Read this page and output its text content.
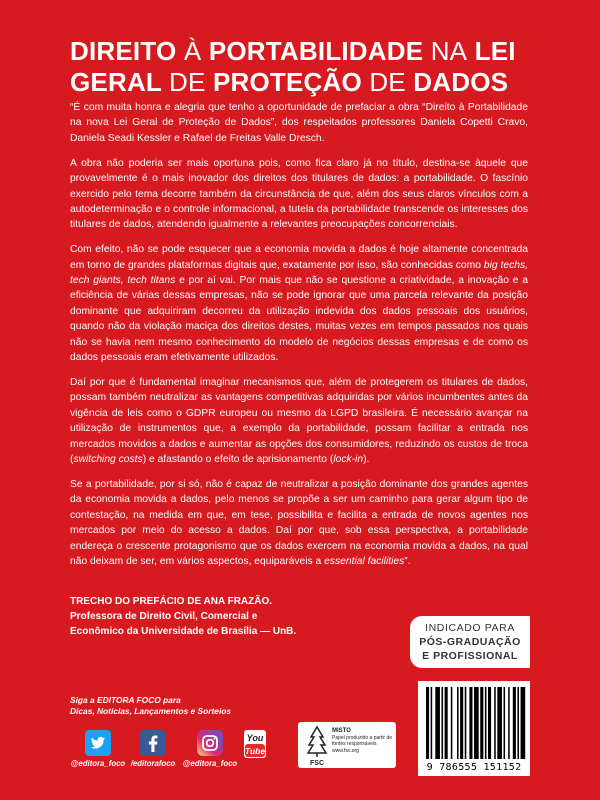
DIREITO À PORTABILIDADE NA LEI
GERAL DE PROTEÇÃO DE DADOS

“É com muita honra e alegria que tenho a oportunidade de prefaciar a obra “Direito à Portabilidade na nova Lei Geral de Proteção de Dados”, dos respeitados professores Daniela Copetti Cravo, Daniela Seadi Kessler e Rafael de Freitas Valle Dresch.

A obra não poderia ser mais oportuna pois, como fica claro já no título, destina-se àquele que provavelmente é o mais inovador dos direitos dos titulares de dados: a portabilidade. O fascínio exercido pelo tema decorre também da circunstância de que, além dos seus claros vínculos com a autodeterminação e o controle informacional, a tutela da portabilidade transcende os interesses dos titulares de dados, atendendo igualmente a relevantes preocupações concorrenciais.

Com efeito, não se pode esquecer que a economia movida a dados é hoje altamente concentrada em torno de grandes plataformas digitais que, exatamente por isso, são conhecidas como big techs, tech giants, tech titans e por aí vai. Por mais que não se questione a criatividade, a inovação e a eficiência de várias dessas empresas, não se pode ignorar que uma parcela relevante da posição dominante que adquiriram decorreu da utilização indevida dos dados pessoais dos usuários, quando não da violação maciça dos direitos destes, muitas vezes em tempos passados nos quais não se havia nem mesmo conhecimento do modelo de negócios dessas empresas e de como os dados pessoais eram efetivamente utilizados.

Daí por que é fundamental imaginar mecanismos que, além de protegerem os titulares de dados, possam também neutralizar as vantagens competitivas adquiridas por vários incumbentes antes da vigência de leis como o GDPR europeu ou mesmo da LGPD brasileira. É necessário avançar na utilização de instrumentos que, a exemplo da portabilidade, possam facilitar a entrada nos mercados movidos a dados e aumentar as opções dos consumidores, reduzindo os custos de troca (switching costs) e afastando o efeito de aprisionamento (lock-in).

Se a portabilidade, por si só, não é capaz de neutralizar a posição dominante dos grandes agentes da economia movida a dados, pelo menos se propõe a ser um caminho para gerar algum tipo de contestação, na medida em que, em tese, possibilita e facilita a entrada de novos agentes nos mercados por meio do acesso a dados. Daí por que, sob essa perspectiva, a portabilidade endereça o crescente protagonismo que os dados exercem na economia movida a dados, na qual não deixam de ser, em vários aspectos, equiparáveis a essential facilities”.

TRECHO DO PREFÁCIO DE ANA FRAZÃO.
Professora de Direito Civil, Comercial e
Econômico da Universidade de Brasília — UnB.	INDICADO PARA
PÓS-GRADUAÇÃO
E PROFISSIONAL
Siga a EDITORA FOCO para
Dicas, Notícias, Lançamentos e Sorteios
@editora_foco /editorafoco @editora_foco
You
Tube
FSC
MISTO
Papel produzido a partir de fontes responsáveis
www.fsc.org
9 786555 151152
